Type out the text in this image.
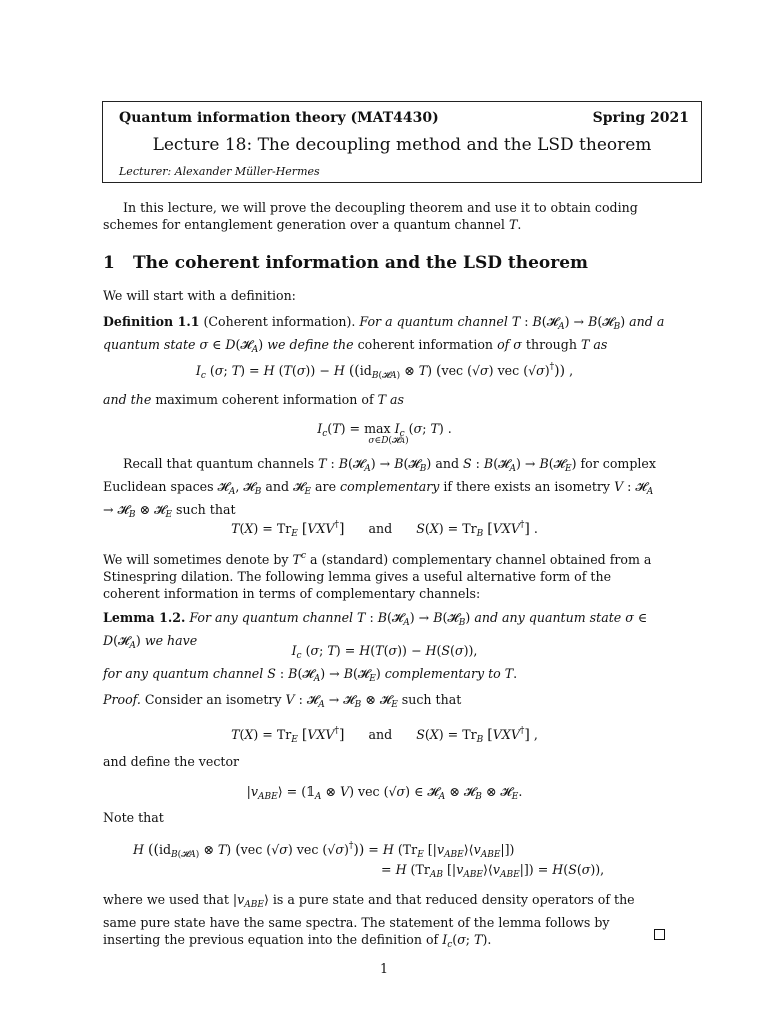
Quantum information theory (MAT4430)	Spring 2021
Lecture 18: The decoupling method and the LSD theorem
Lecturer: Alexander Müller-Hermes
In this lecture, we will prove the decoupling theorem and use it to obtain coding schemes for entanglement generation over a quantum channel T.
1 The coherent information and the LSD theorem
We will start with a definition:
Definition 1.1 (Coherent information). For a quantum channel T : B(𝓗$_A$) → B(𝓗$_B$) and a quantum state σ ∈ D(𝓗$_A$) we define the coherent information of σ through T as
$I_c$ (σ; T) = H (T(σ)) − H (($id_{B(𝓗A)}$ ⊗ T) (vec (√σ) vec (√σ)†)) ,
and the maximum coherent information of T as
$I_c(T) = \max I_c$ (σ; T) .
σ∈D(𝓗A)
Recall that quantum channels T : B(𝓗$_A$) → B(𝓗$_B$) and S : B(𝓗$_A$) → B(𝓗$_E$) for complex Euclidean spaces 𝓗$_A$, 𝓗$_B$ and 𝓗$_E$ are complementary if there exists an isometry V : 𝓗$_A$ → 𝓗$_B$ ⊗ 𝓗$_E$ such that
$T(X) = Tr_E$ [VXV†]      and      $S(X) = Tr_B$ [VXV†] .
We will sometimes denote by $T^c$ a (standard) complementary channel obtained from a Stinespring dilation. The following lemma gives a useful alternative form of the coherent information in terms of complementary channels:
Lemma 1.2. For any quantum channel T : B(𝓗$_A$) → B(𝓗$_B$) and any quantum state σ ∈ D(𝓗$_A$) we have
$I_c$ (σ; T) = H(T(σ)) − H(S(σ)),
for any quantum channel S : B(𝓗$_A$) → B(𝓗$_E$) complementary to T.
Proof. Consider an isometry V : 𝓗$_A$ → 𝓗$_B$ ⊗ 𝓗$_E$ such that
$T(X) = Tr_E$ [VXV†]      and      $S(X) = Tr_B$ [VXV†] ,
and define the vector
$|v_{ABE}⟩$ = ($𝟙_A$ ⊗ V) vec (√σ) ∈ 𝓗$_A$ ⊗ 𝓗$_B$ ⊗ 𝓗$_E$.
Note that
H (($id_{B(𝓗A)}$ ⊗ T) (vec (√σ) vec (√σ)†)) = H ($Tr_E$ $[|v_{ABE}⟩⟨v_{ABE}|]$)
= H ($Tr_{AB}$ $[|v_{ABE}⟩⟨v_{ABE}|]) = H(S(\sigma))$,
where we used that $|v_{ABE}⟩$ is a pure state and that reduced density operators of the same pure state have the same spectra. The statement of the lemma follows by inserting the previous equation into the definition of $I_c(\sigma$; T).
1
